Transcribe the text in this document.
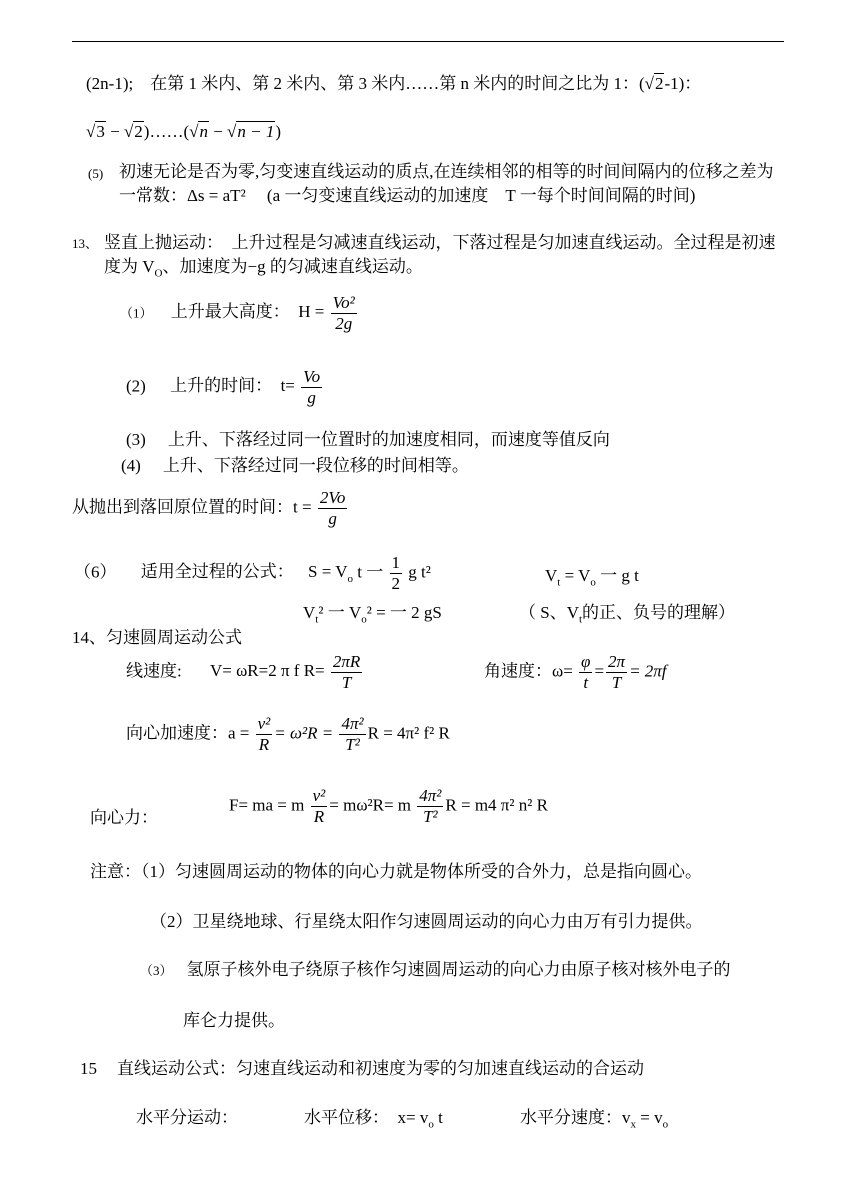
(2n-1);　在第 1 米内、第 2 米内、第 3 米内……第 n 米内的时间之比为 1：(√2-1)：
√3 − √2)……(√n − √n − 1)
(5) 初速无论是否为零,匀变速直线运动的质点,在连续相邻的相等的时间间隔内的位移之差为一常数：Δs = aT² 　(a 一匀变速直线运动的加速度　T 一每个时间间隔的时间)
13、 竖直上抛运动：　上升过程是匀减速直线运动，下落过程是匀加速直线运动。全过程是初速度为 $V_O$、加速度为−g 的匀减速直线运动。
（1） 上升最大高度：　$H = \frac{\text{Vo²}}{2g}$
(2) 上升的时间：　$t= \frac{Vo}{g}$
(3) 上升、下落经过同一位置时的加速度相同，而速度等值反向
(4) 上升、下落经过同一段位移的时间相等。
从抛出到落回原位置的时间：$t = \frac{2Vo}{g}$
（6） 适用全过程的公式： $S = V_o$ t 一 $\frac{1}{2}$ g t²	$V_t = V_o$ 一 g t
$V_t^2$ 一 $V_o^2$ = 一 2 gS	（ S、$V_t$的正、负号的理解）
14、匀速圆周运动公式
线速度: V= ωR=2 π f $R= \frac{2\pi R}{T}$	角速度：$\omega= \frac{\varphi}{t} = \frac{2\pi}{T} = 2\pi f$
向心加速度：$a = \frac{\text{v²}}{R} = \omega^2R = \frac{\text{4π²}}{\text{T²}}$ R = 4π² f² R
向心力：
F= ma = m $\frac{\text{v²}}{R} = m\omega^2R= m \frac{\text{4π²}}{\text{T²}}$ R = m4 π² n² R
注意：（1）匀速圆周运动的物体的向心力就是物体所受的合外力，总是指向圆心。
（2）卫星绕地球、行星绕太阳作匀速圆周运动的向心力由万有引力提供。
（3） 氢原子核外电子绕原子核作匀速圆周运动的向心力由原子核对核外电子的
库仑力提供。
15 直线运动公式：匀速直线运动和初速度为零的匀加速直线运动的合运动
水平分运动：	水平位移：　$x= v_o$ t	水平分速度：$v_x = v_o$
